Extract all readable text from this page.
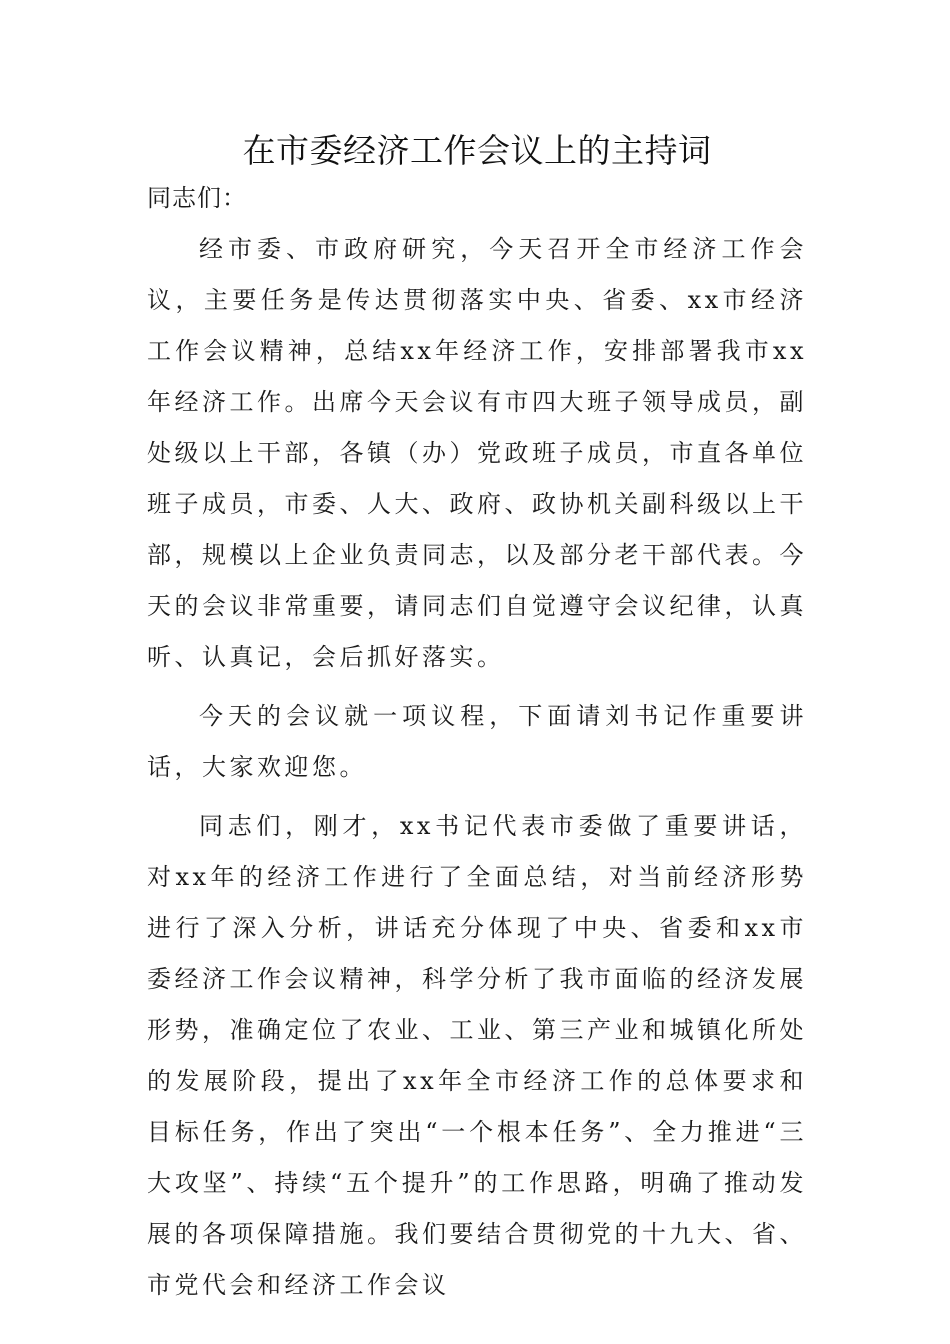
在市委经济工作会议上的主持词

同志们：

经市委、市政府研究，今天召开全市经济工作会议，主要任务是传达贯彻落实中央、省委、xx市经济工作会议精神，总结xx年经济工作，安排部署我市xx年经济工作。出席今天会议有市四大班子领导成员，副处级以上干部，各镇（办）党政班子成员，市直各单位班子成员，市委、人大、政府、政协机关副科级以上干部，规模以上企业负责同志，以及部分老干部代表。今天的会议非常重要，请同志们自觉遵守会议纪律，认真听、认真记，会后抓好落实。

今天的会议就一项议程，下面请刘书记作重要讲话，大家欢迎您。

同志们，刚才，xx书记代表市委做了重要讲话，对xx年的经济工作进行了全面总结，对当前经济形势进行了深入分析，讲话充分体现了中央、省委和xx市委经济工作会议精神，科学分析了我市面临的经济发展形势，准确定位了农业、工业、第三产业和城镇化所处的发展阶段，提出了xx年全市经济工作的总体要求和目标任务，作出了突出“一个根本任务”、全力推进“三大攻坚”、持续“五个提升”的工作思路，明确了推动发展的各项保障措施。我们要结合贯彻党的十九大、省、市党代会和经济工作会议
